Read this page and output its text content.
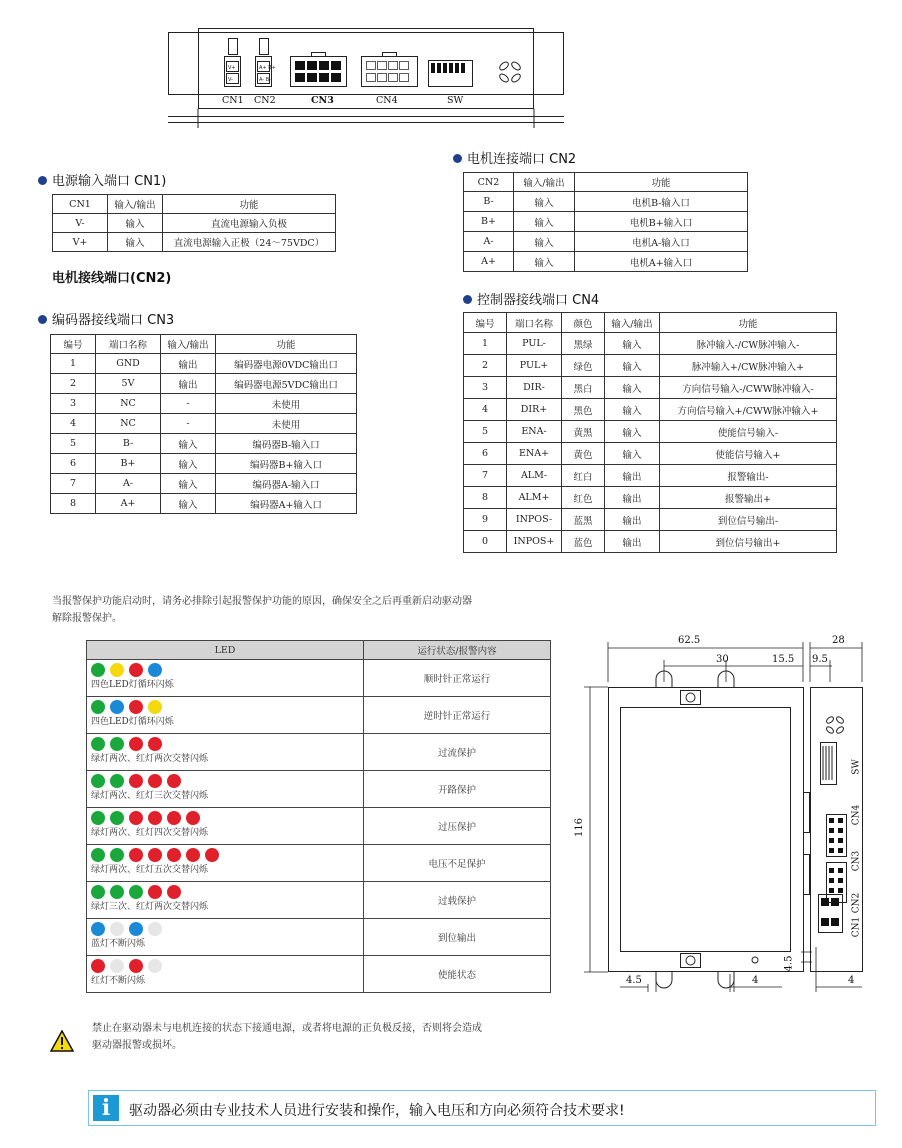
V+
V-
A+ B+
A- B-
CN1 CN2	CN3	CN4	SW
电源输入端口 CN1)
CN1	输入/输出	功能
V-	输入	直流电源输入负极
V+	输入	直流电源输入正极（24～75VDC）
电机接线端口(CN2)
编码器接线端口 CN3
编号	端口名称	输入/输出	功能
1	GND	输出	编码器电源0VDC输出口
2	5V	输出	编码器电源5VDC输出口
3	NC	-	未使用
4	NC	-	未使用
5	B-	输入	编码器B-输入口
6	B+	输入	编码器B+输入口
7	A-	输入	编码器A-输入口
8	A+	输入	编码器A+输入口
电机连接端口 CN2
CN2	输入/输出	功能
B-	输入	电机B-输入口
B+	输入	电机B+输入口
A-	输入	电机A-输入口
A+	输入	电机A+输入口
控制器接线端口 CN4
编号	端口名称	颜色	输入/输出	功能
1	PUL-	黑绿	输入	脉冲输入-/CW脉冲输入-
2	PUL+	绿色	输入	脉冲输入+/CW脉冲输入+
3	DIR-	黑白	输入	方向信号输入-/CWW脉冲输入-
4	DIR+	黑色	输入	方向信号输入+/CWW脉冲输入+
5	ENA-	黄黑	输入	使能信号输入-
6	ENA+	黄色	输入	使能信号输入+
7	ALM-	红白	输出	报警输出-
8	ALM+	红色	输出	报警输出+
9	INPOS-	蓝黑	输出	到位信号输出-
0	INPOS+	蓝色	输出	到位信号输出+
当报警保护功能启动时，请务必排除引起报警保护功能的原因，确保安全之后再重新启动驱动器
解除报警保护。
LED	运行状态/报警内容

四色LED灯循环闪烁	顺时针正常运行

四色LED灯循环闪烁	逆时针正常运行

绿灯两次、红灯两次交替闪烁	过流保护

绿灯两次、红灯三次交替闪烁	开路保护

绿灯两次、红灯四次交替闪烁	过压保护

绿灯两次、红灯五次交替闪烁	电压不足保护

绿灯三次、红灯两次交替闪烁	过载保护

蓝灯不断闪烁	到位输出

红灯不断闪烁	使能状态
62.5
30	15.5
28
9.5
116
4.5	4
4.5
4
SW
CN4
CN3
CN2
CN1
禁止在驱动器未与电机连接的状态下接通电源，或者将电源的正负极反接，否则将会造成
驱动器报警或损坏。
i	驱动器必须由专业技术人员进行安装和操作，输入电压和方向必须符合技术要求!
